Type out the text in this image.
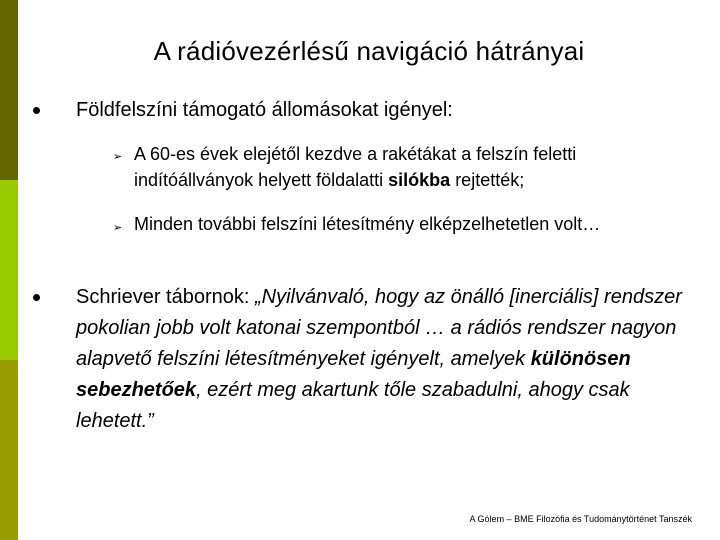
A rádióvezérlésű navigáció hátrányai

Földfelszíni támogató állomásokat igényel:

➢ A 60-es évek elejétől kezdve a rakétákat a felszín feletti indítóállványok helyett földalatti silókba rejtették;

➢ Minden további felszíni létesítmény elképzelhetetlen volt…

Schriever tábornok: „Nyilvánvaló, hogy az önálló [inerciális] rendszer pokolian jobb volt katonai szempontból … a rádiós rendszer nagyon alapvető felszíni létesítményeket igényelt, amelyek különösen sebezhetőek, ezért meg akartunk tőle szabadulni, ahogy csak lehetett.”

A Gólem – BME Filozófia és Tudománytörténet Tanszék
